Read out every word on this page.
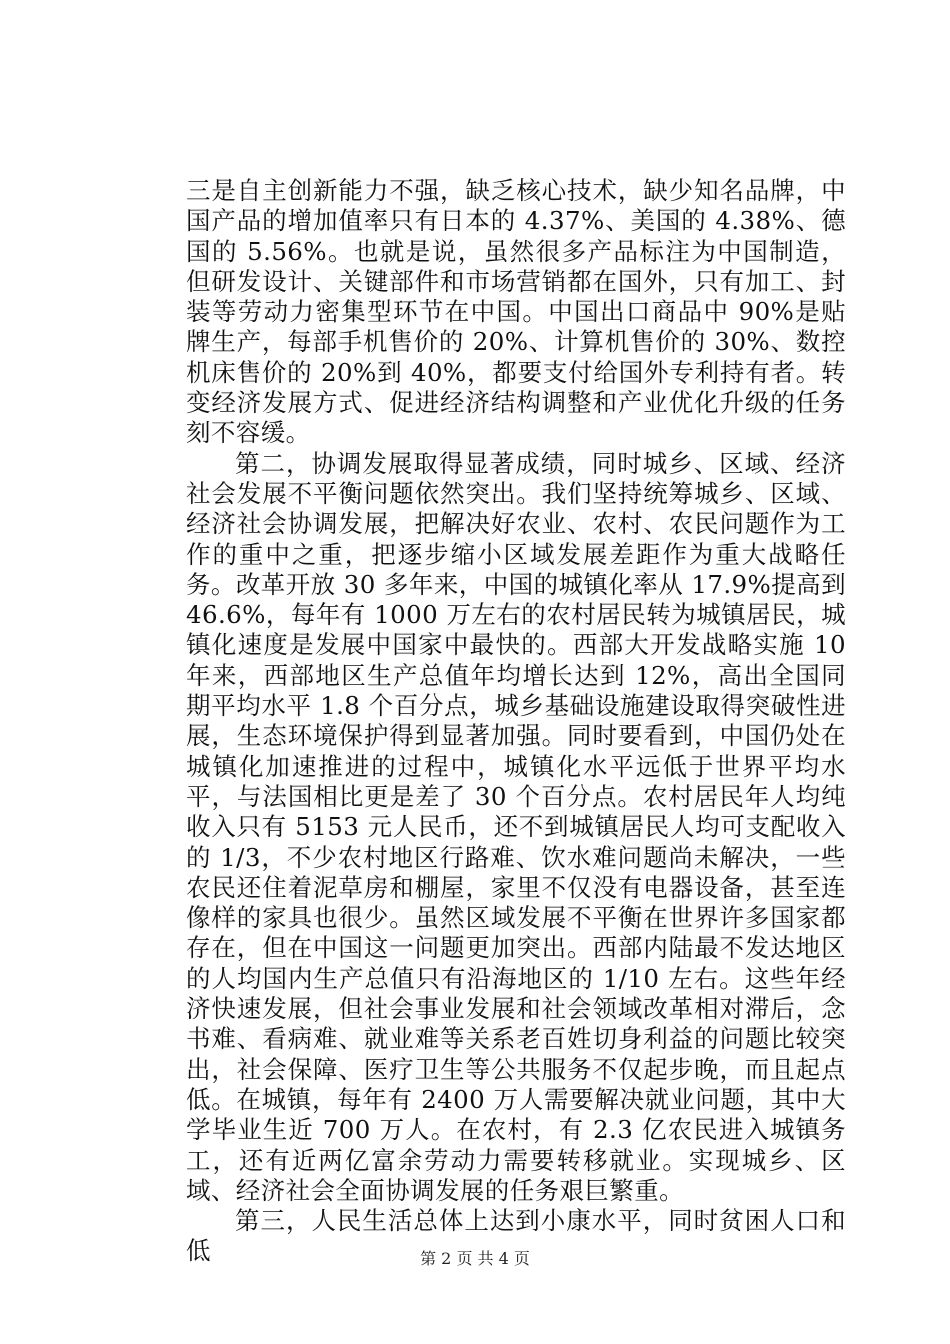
三是自主创新能力不强，缺乏核心技术，缺少知名品牌，中国产品的增加值率只有日本的 4.37%、美国的 4.38%、德国的 5.56%。也就是说，虽然很多产品标注为中国制造，但研发设计、关键部件和市场营销都在国外，只有加工、封装等劳动力密集型环节在中国。中国出口商品中 90%是贴牌生产，每部手机售价的 20%、计算机售价的 30%、数控机床售价的 20%到 40%，都要支付给国外专利持有者。转变经济发展方式、促进经济结构调整和产业优化升级的任务刻不容缓。

第二，协调发展取得显著成绩，同时城乡、区域、经济社会发展不平衡问题依然突出。我们坚持统筹城乡、区域、经济社会协调发展，把解决好农业、农村、农民问题作为工作的重中之重，把逐步缩小区域发展差距作为重大战略任务。改革开放 30 多年来，中国的城镇化率从 17.9%提高到 46.6%，每年有 1000 万左右的农村居民转为城镇居民，城镇化速度是发展中国家中最快的。西部大开发战略实施 10 年来，西部地区生产总值年均增长达到 12%，高出全国同期平均水平 1.8 个百分点，城乡基础设施建设取得突破性进展，生态环境保护得到显著加强。同时要看到，中国仍处在城镇化加速推进的过程中，城镇化水平远低于世界平均水平，与法国相比更是差了 30 个百分点。农村居民年人均纯收入只有 5153 元人民币，还不到城镇居民人均可支配收入的 1/3，不少农村地区行路难、饮水难问题尚未解决，一些农民还住着泥草房和棚屋，家里不仅没有电器设备，甚至连像样的家具也很少。虽然区域发展不平衡在世界许多国家都存在，但在中国这一问题更加突出。西部内陆最不发达地区的人均国内生产总值只有沿海地区的 1/10 左右。这些年经济快速发展，但社会事业发展和社会领域改革相对滞后，念书难、看病难、就业难等关系老百姓切身利益的问题比较突出，社会保障、医疗卫生等公共服务不仅起步晚，而且起点低。在城镇，每年有 2400 万人需要解决就业问题，其中大学毕业生近 700 万人。在农村，有 2.3 亿农民进入城镇务工，还有近两亿富余劳动力需要转移就业。实现城乡、区域、经济社会全面协调发展的任务艰巨繁重。

第三，人民生活总体上达到小康水平，同时贫困人口和低	第 2 页 共 4 页
